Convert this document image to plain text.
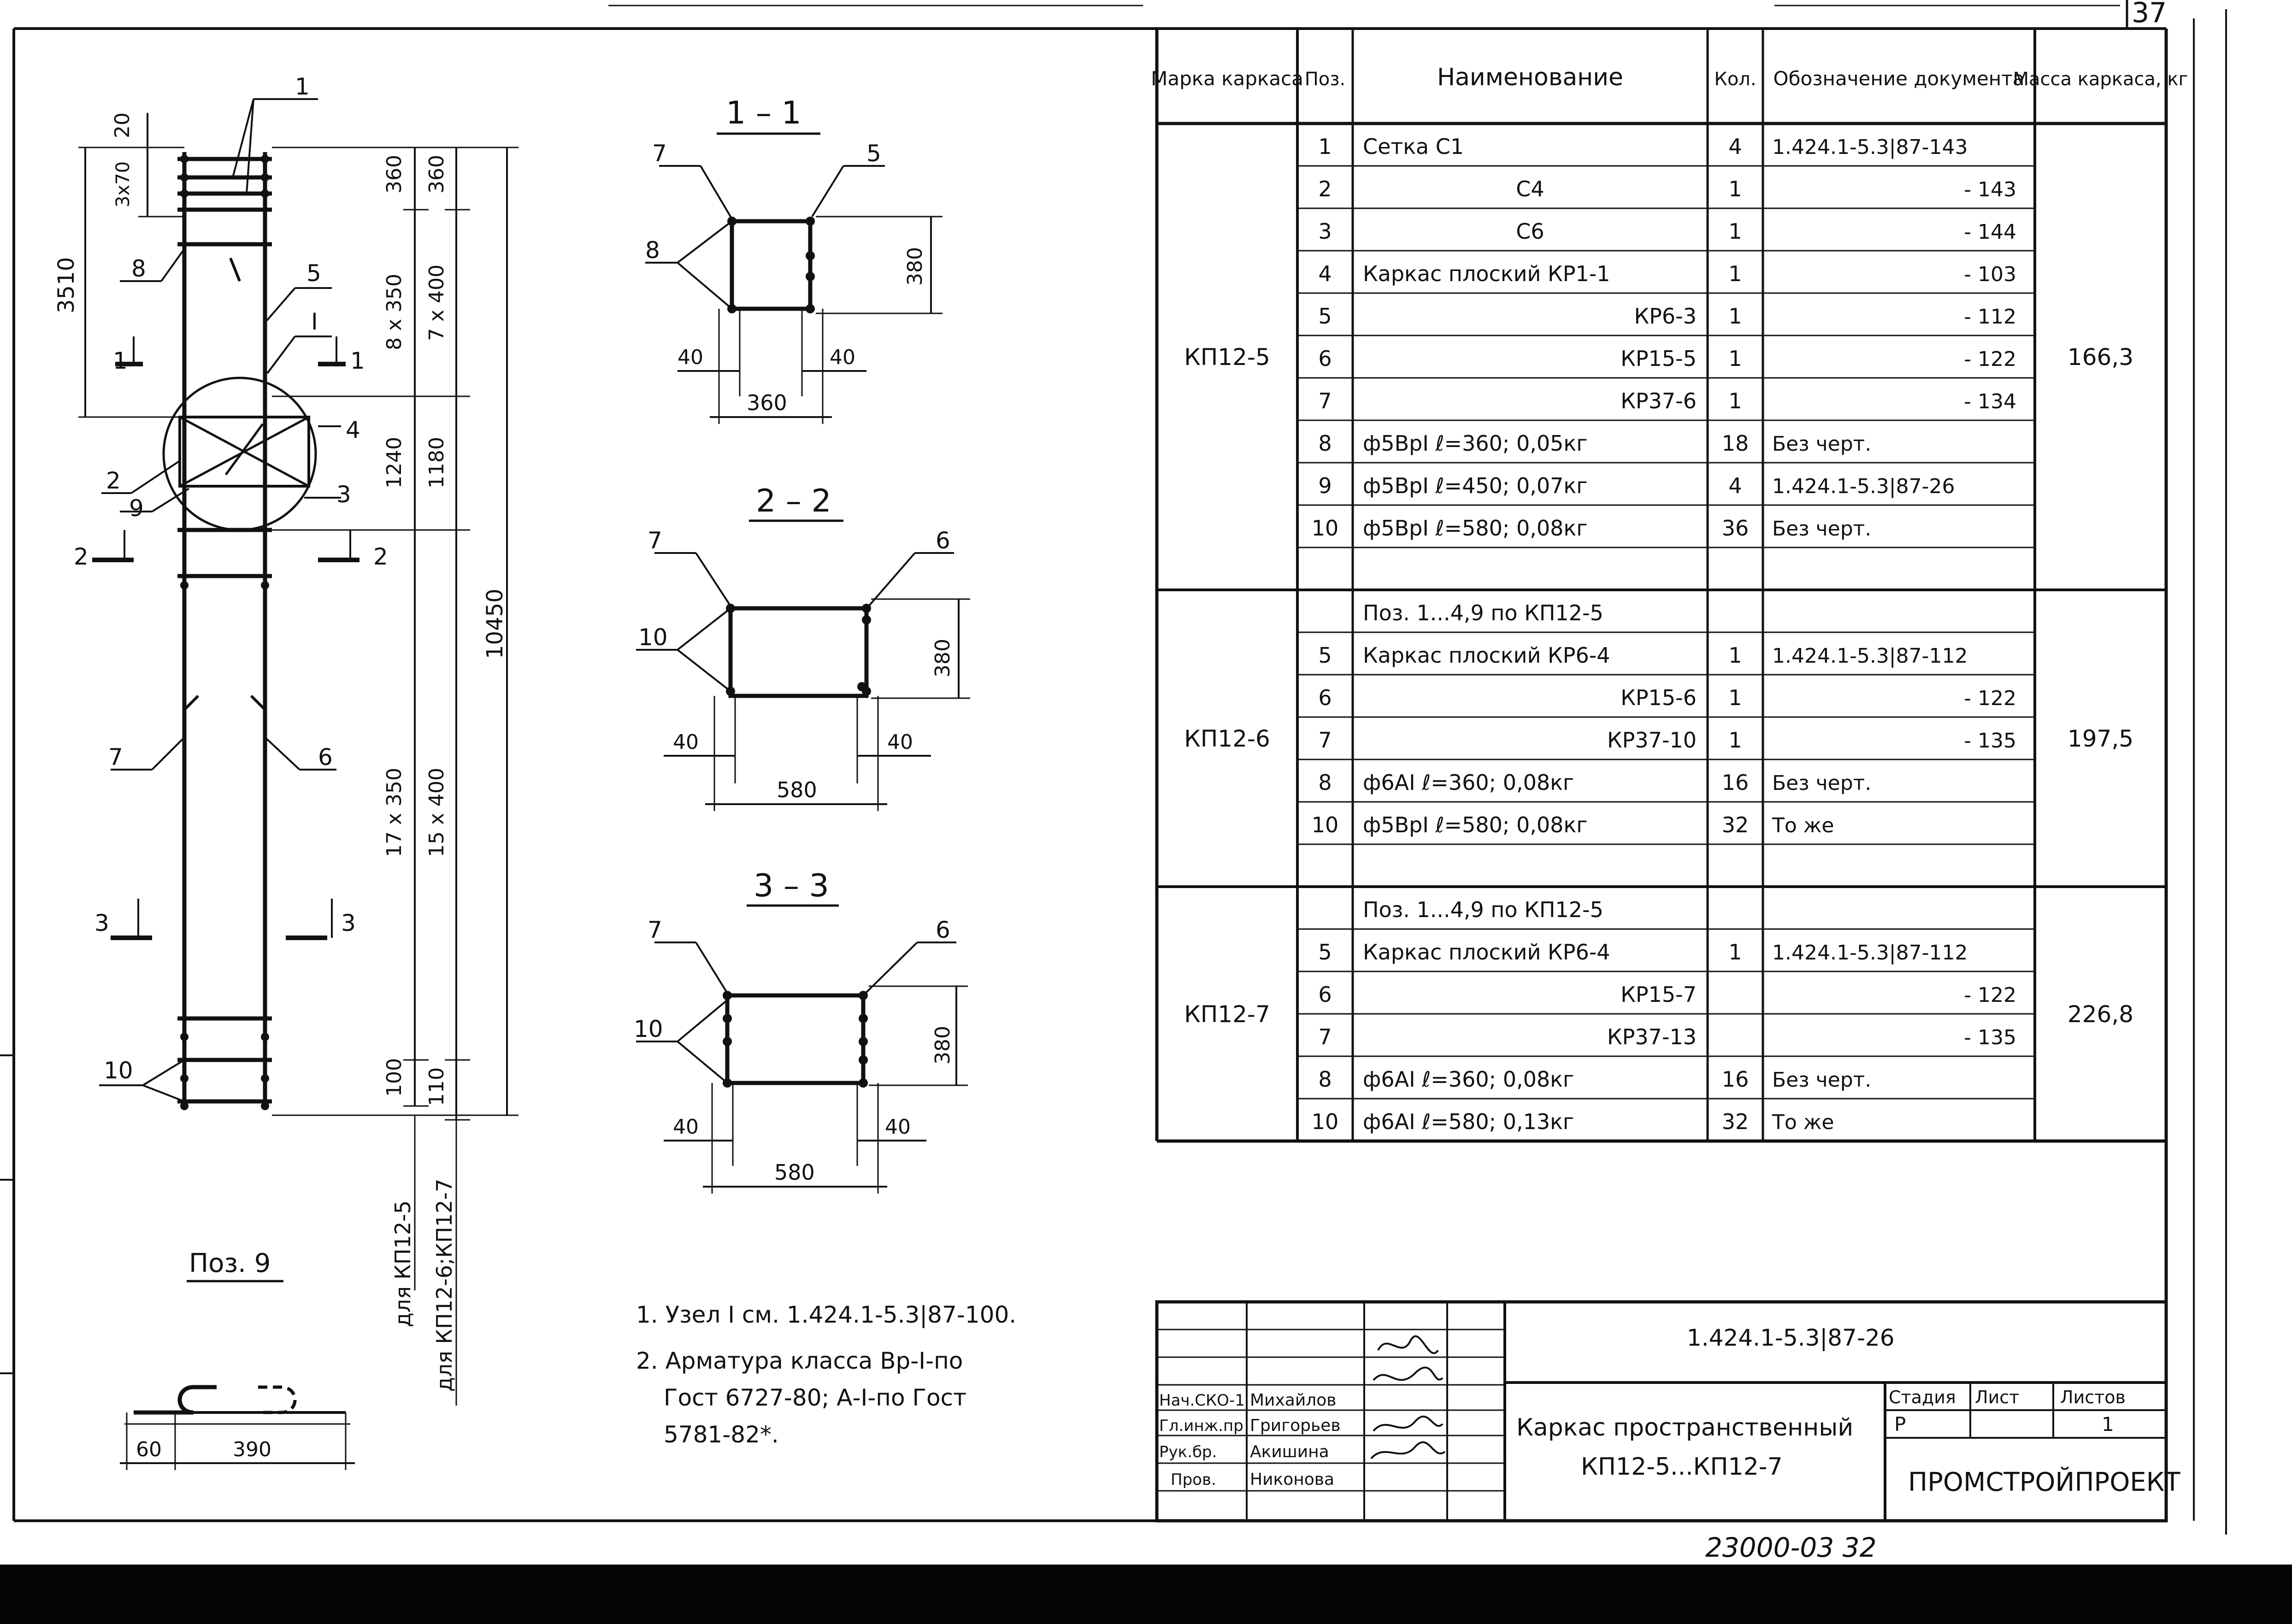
37
20
3x70
3510
360
8 x 350
1240
17 x 350
100
360
7 x 400
1180
15 x 400
110
10450
1
8	5
I
1	1
4
2
9
3
2	2
7	6
3	3
10
для КП12-5 для КП12-6;КП12-7
Поз. 9
60	390
1 – 1
7	5
8	380
40	40
360
2 – 2
7	6
10
380
40	40
580
3 – 3
7	6
10	380
40	40
580
1. Узел I см. 1.424.1-5.3|87-100.
2. Арматура класса Вр-I-по
Гост 6727-80; А-I-по Гост
5781-82*.
Марка каркаса Поз.	Наименование	Кол. Обозначение документа
Масса каркаса, кг
1 Сетка С1	4 1.424.1-5.3|87-143
2	С4	1	- 143
3	С6	1	- 144
4 Каркас плоский КР1-1	1	- 103
5	КР6-3 1	- 112
6	КР15-5 1	- 122
7	КР37-6 1	- 134
8 ф5ВрI ℓ=360; 0,05кг	18 Без черт.
9 ф5ВрI ℓ=450; 0,07кг	4 1.424.1-5.3|87-26
10 ф5ВрI ℓ=580; 0,08кг	36 Без черт.
КП12-5	166,3
Поз. 1...4,9 по КП12-5
5 Каркас плоский КР6-4	1 1.424.1-5.3|87-112
6	КР15-6 1	- 122
7	КР37-10 1	- 135
8 ф6АI ℓ=360; 0,08кг	16 Без черт.
10 ф5ВрI ℓ=580; 0,08кг	32 То же
КП12-6	197,5
Поз. 1...4,9 по КП12-5
5 Каркас плоский КР6-4	1 1.424.1-5.3|87-112
6	КР15-7	- 122
7	КР37-13	- 135
8 ф6АI ℓ=360; 0,08кг	16 Без черт.
10 ф6АI ℓ=580; 0,13кг	32 То же
КП12-7	226,8
1.424.1-5.3|87-26
Каркас пространственный
КП12-5...КП12-7
Стадия Лист Листов
Р	1
ПРОМСТРОЙПРОЕКТ
Нач.СКО-1 Михайлов
Гл.инж.пр Григорьев
Рук.бр. Акишина
Пров. Никонова
23000-03 32
